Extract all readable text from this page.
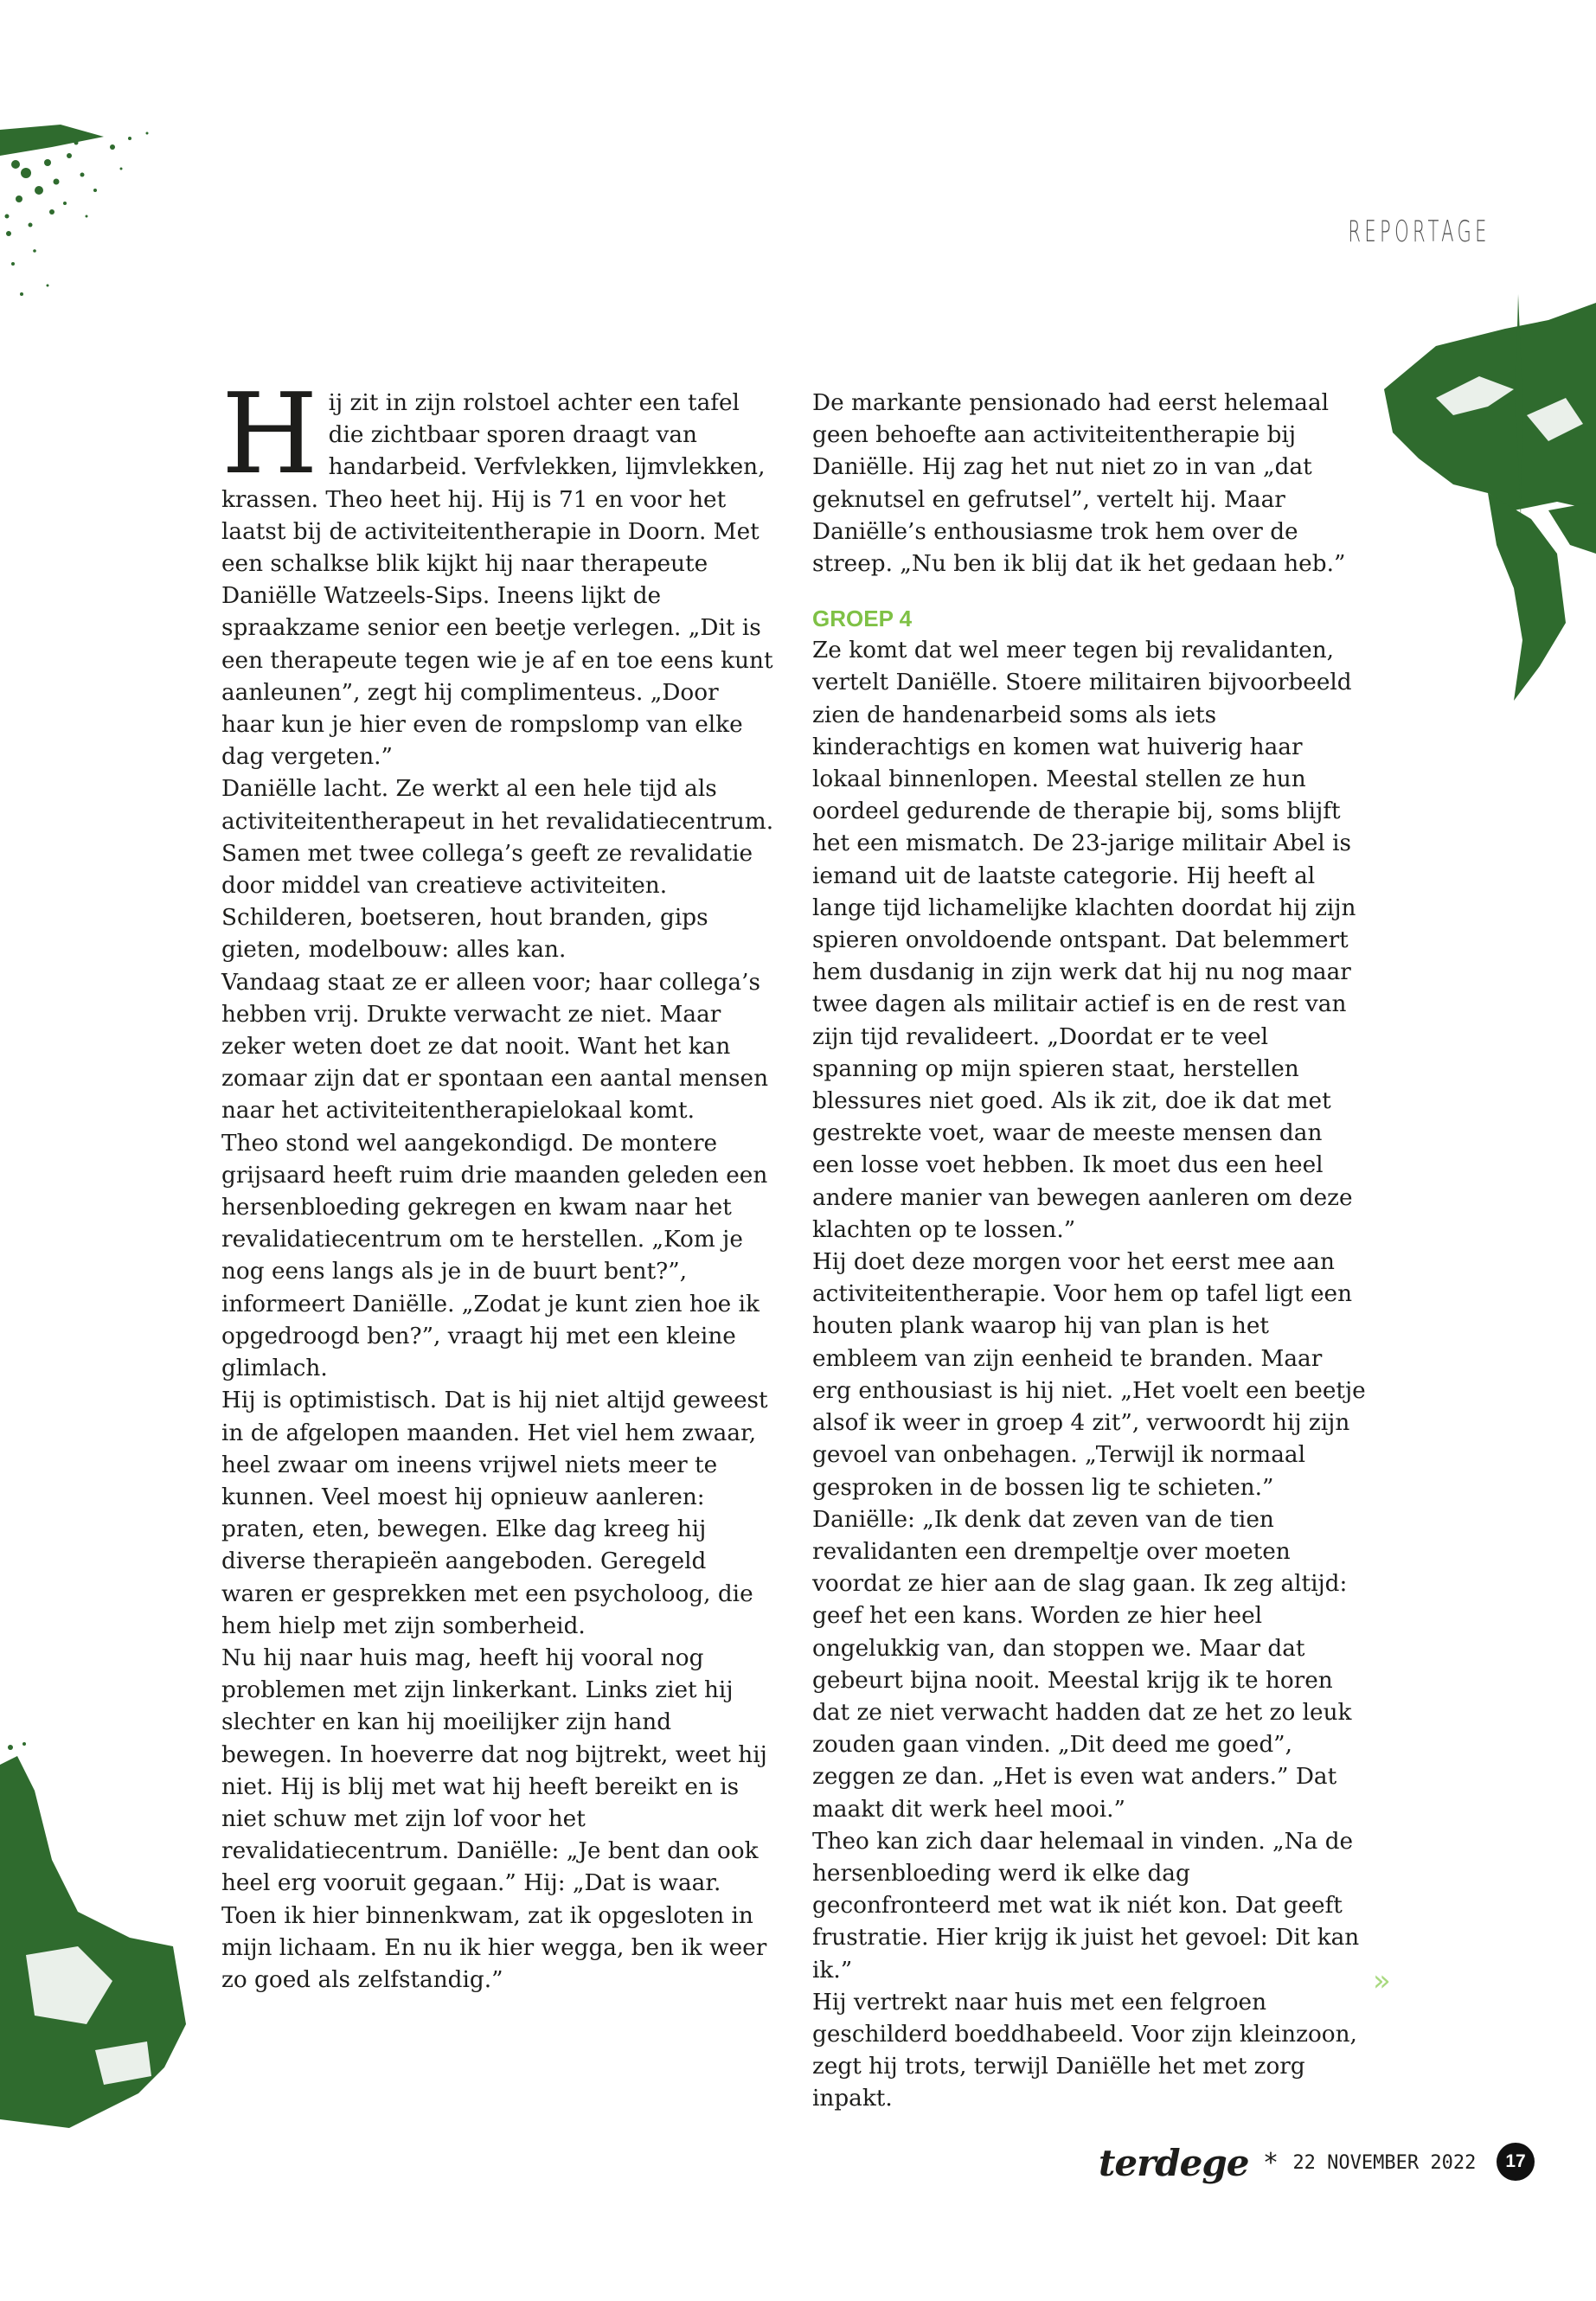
REPORTAGE

Hij zit in zijn rolstoel achter een tafel die zichtbaar sporen draagt van handarbeid. Verfvlekken, lijmvlekken, krassen. Theo heet hij. Hij is 71 en voor het laatst bij de activiteitentherapie in Doorn. Met een schalkse blik kijkt hij naar therapeute Daniëlle Watzeels-Sips. Ineens lijkt de spraakzame senior een beetje verlegen. „Dit is een therapeute tegen wie je af en toe eens kunt aanleunen”, zegt hij complimenteus. „Door haar kun je hier even de rompslomp van elke dag vergeten.”

Daniëlle lacht. Ze werkt al een hele tijd als activiteitentherapeut in het revalidatiecentrum. Samen met twee collega’s geeft ze revalidatie door middel van creatieve activiteiten. Schilderen, boetseren, hout branden, gips gieten, modelbouw: alles kan.

Vandaag staat ze er alleen voor; haar collega’s hebben vrij. Drukte verwacht ze niet. Maar zeker weten doet ze dat nooit. Want het kan zomaar zijn dat er spontaan een aantal mensen naar het activiteitentherapielokaal komt.

Theo stond wel aangekondigd. De montere grijsaard heeft ruim drie maanden geleden een hersenbloeding gekregen en kwam naar het revalidatiecentrum om te herstellen. „Kom je nog eens langs als je in de buurt bent?”, informeert Daniëlle. „Zodat je kunt zien hoe ik opgedroogd ben?”, vraagt hij met een kleine glimlach.

Hij is optimistisch. Dat is hij niet altijd geweest in de afgelopen maanden. Het viel hem zwaar, heel zwaar om ineens vrijwel niets meer te kunnen. Veel moest hij opnieuw aanleren: praten, eten, bewegen. Elke dag kreeg hij diverse therapieën aangeboden. Geregeld waren er gesprekken met een psycholoog, die hem hielp met zijn somberheid.

Nu hij naar huis mag, heeft hij vooral nog problemen met zijn linkerkant. Links ziet hij slechter en kan hij moeilijker zijn hand bewegen. In hoeverre dat nog bijtrekt, weet hij niet. Hij is blij met wat hij heeft bereikt en is niet schuw met zijn lof voor het revalidatiecentrum. Daniëlle: „Je bent dan ook heel erg vooruit gegaan.” Hij: „Dat is waar. Toen ik hier binnenkwam, zat ik opgesloten in mijn lichaam. En nu ik hier wegga, ben ik weer zo goed als zelfstandig.”

De markante pensionado had eerst helemaal geen behoefte aan activiteitentherapie bij Daniëlle. Hij zag het nut niet zo in van „dat geknutsel en gefrutsel”, vertelt hij. Maar Daniëlle’s enthousiasme trok hem over de streep. „Nu ben ik blij dat ik het gedaan heb.”

GROEP 4

Ze komt dat wel meer tegen bij revalidanten, vertelt Daniëlle. Stoere militairen bijvoorbeeld zien de handenarbeid soms als iets kinderachtigs en komen wat huiverig haar lokaal binnenlopen. Meestal stellen ze hun oordeel gedurende de therapie bij, soms blijft het een mismatch. De 23-jarige militair Abel is iemand uit de laatste categorie. Hij heeft al lange tijd lichamelijke klachten doordat hij zijn spieren onvoldoende ontspant. Dat belemmert hem dusdanig in zijn werk dat hij nu nog maar twee dagen als militair actief is en de rest van zijn tijd revalideert. „Doordat er te veel spanning op mijn spieren staat, herstellen blessures niet goed. Als ik zit, doe ik dat met gestrekte voet, waar de meeste mensen dan een losse voet hebben. Ik moet dus een heel andere manier van bewegen aanleren om deze klachten op te lossen.”

Hij doet deze morgen voor het eerst mee aan activiteitentherapie. Voor hem op tafel ligt een houten plank waarop hij van plan is het embleem van zijn eenheid te branden. Maar erg enthousiast is hij niet. „Het voelt een beetje alsof ik weer in groep 4 zit”, verwoordt hij zijn gevoel van onbehagen. „Terwijl ik normaal gesproken in de bossen lig te schieten.”

Daniëlle: „Ik denk dat zeven van de tien revalidanten een drempeltje over moeten voordat ze hier aan de slag gaan. Ik zeg altijd: geef het een kans. Worden ze hier heel ongelukkig van, dan stoppen we. Maar dat gebeurt bijna nooit. Meestal krijg ik te horen dat ze niet verwacht hadden dat ze het zo leuk zouden gaan vinden. „Dit deed me goed”, zeggen ze dan. „Het is even wat anders.” Dat maakt dit werk heel mooi.”

Theo kan zich daar helemaal in vinden. „Na de hersenbloeding werd ik elke dag geconfronteerd met wat ik niét kon. Dat geeft frustratie. Hier krijg ik juist het gevoel: Dit kan ik.”

Hij vertrekt naar huis met een felgroen geschilderd boeddhabeeld. Voor zijn kleinzoon, zegt hij trots, terwijl Daniëlle het met zorg inpakt.

»
terdege * 22 NOVEMBER 2022	17
